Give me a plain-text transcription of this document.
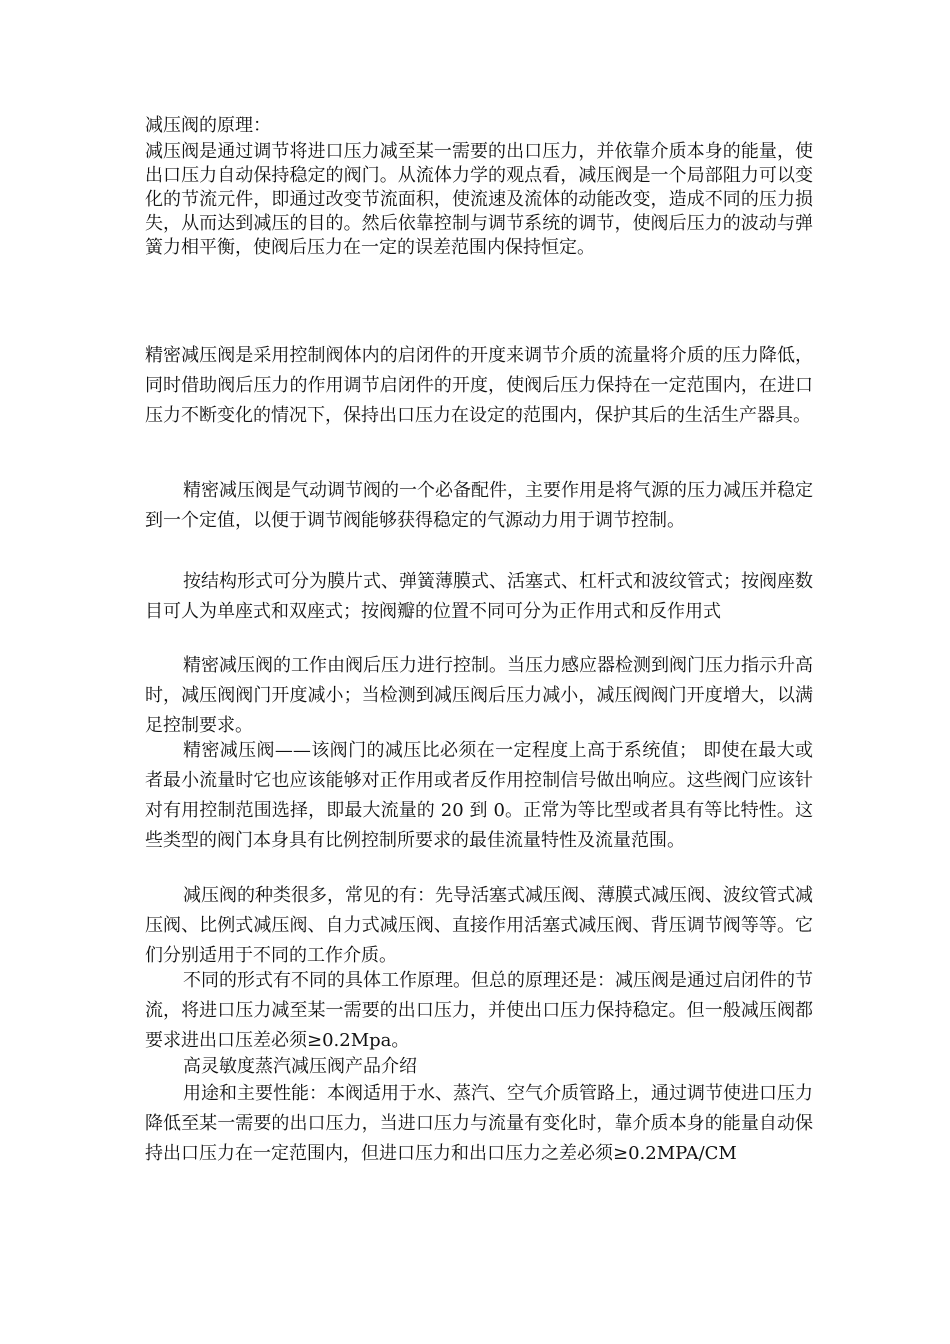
减压阀的原理：

减压阀是通过调节将进口压力减至某一需要的出口压力，并依靠介质本身的能量，使出口压力自动保持稳定的阀门。从流体力学的观点看，减压阀是一个局部阻力可以变化的节流元件，即通过改变节流面积，使流速及流体的动能改变，造成不同的压力损失，从而达到减压的目的。然后依靠控制与调节系统的调节，使阀后压力的波动与弹簧力相平衡，使阀后压力在一定的误差范围内保持恒定。

精密减压阀是采用控制阀体内的启闭件的开度来调节介质的流量将介质的压力降低，同时借助阀后压力的作用调节启闭件的开度，使阀后压力保持在一定范围内，在进口压力不断变化的情况下，保持出口压力在设定的范围内，保护其后的生活生产器具。

精密减压阀是气动调节阀的一个必备配件，主要作用是将气源的压力减压并稳定到一个定值，以便于调节阀能够获得稳定的气源动力用于调节控制。

按结构形式可分为膜片式、弹簧薄膜式、活塞式、杠杆式和波纹管式；按阀座数目可人为单座式和双座式；按阀瓣的位置不同可分为正作用式和反作用式

精密减压阀的工作由阀后压力进行控制。当压力感应器检测到阀门压力指示升高时，减压阀阀门开度减小；当检测到减压阀后压力减小，减压阀阀门开度增大，以满足控制要求。

精密减压阀——该阀门的减压比必须在一定程度上高于系统值； 即使在最大或者最小流量时它也应该能够对正作用或者反作用控制信号做出响应。这些阀门应该针对有用控制范围选择，即最大流量的 20 到 0。正常为等比型或者具有等比特性。这些类型的阀门本身具有比例控制所要求的最佳流量特性及流量范围。

减压阀的种类很多，常见的有：先导活塞式减压阀、薄膜式减压阀、波纹管式减压阀、比例式减压阀、自力式减压阀、直接作用活塞式减压阀、背压调节阀等等。它们分别适用于不同的工作介质。

不同的形式有不同的具体工作原理。但总的原理还是：减压阀是通过启闭件的节流，将进口压力减至某一需要的出口压力，并使出口压力保持稳定。但一般减压阀都要求进出口压差必须≥0.2Mpa。

高灵敏度蒸汽减压阀产品介绍

用途和主要性能：本阀适用于水、蒸汽、空气介质管路上，通过调节使进口压力降低至某一需要的出口压力，当进口压力与流量有变化时，靠介质本身的能量自动保持出口压力在一定范围内，但进口压力和出口压力之差必须≥0.2MPA/CM
